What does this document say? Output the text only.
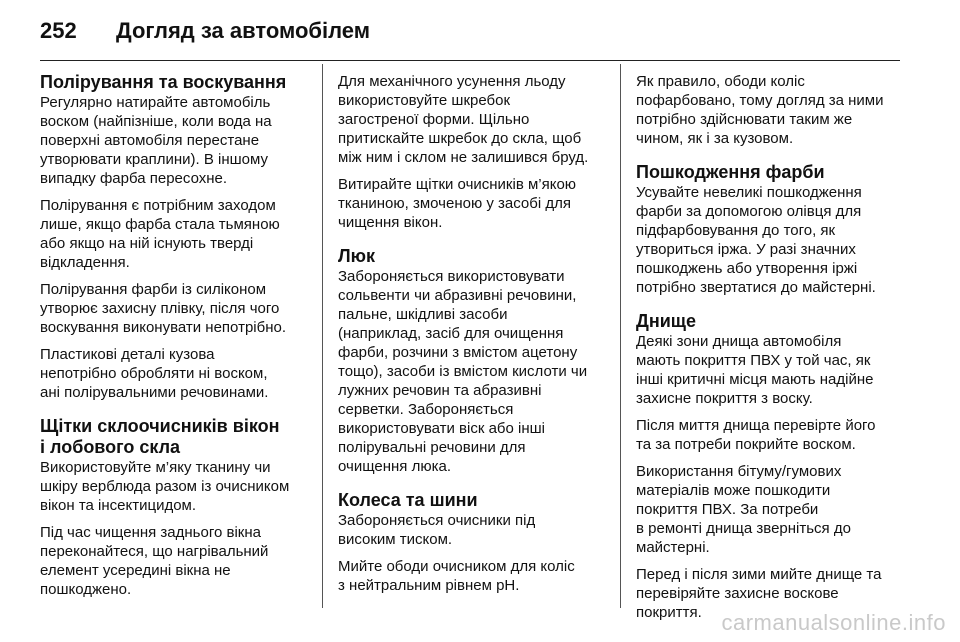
252	Догляд за автомобілем
Полірування та воскування

Регулярно натирайте автомобіль
воском (найпізніше, коли вода на
поверхні автомобіля перестане
утворювати краплини). В іншому
випадку фарба пересохне.

Полірування є потрібним заходом
лише, якщо фарба стала тьмяною
або якщо на ній існують тверді
відкладення.

Полірування фарби із силіконом
утворює захисну плівку, після чого
воскування виконувати непотрібно.

Пластикові деталі кузова
непотрібно обробляти ні воском,
ані полірувальними речовинами.

Щітки склоочисників вікон
і лобового скла

Використовуйте м’яку тканину чи
шкіру верблюда разом із очисником
вікон та інсектицидом.

Під час чищення заднього вікна
переконайтеся, що нагрівальний
елемент усередині вікна не
пошкоджено.

Для механічного усунення льоду
використовуйте шкребок
загостреної форми. Щільно
притискайте шкребок до скла, щоб
між ним і склом не залишився бруд.

Витирайте щітки очисників м’якою
тканиною, змоченою у засобі для
чищення вікон.

Люк

Забороняється використовувати
сольвенти чи абразивні речовини,
пальне, шкідливі засоби
(наприклад, засіб для очищення
фарби, розчини з вмістом ацетону
тощо), засоби із вмістом кислоти чи
лужних речовин та абразивні
серветки. Забороняється
використовувати віск або інші
полірувальні речовини для
очищення люка.

Колеса та шини

Забороняється очисники під
високим тиском.

Мийте ободи очисником для коліс
з нейтральним рівнем pH.

Як правило, ободи коліс
пофарбовано, тому догляд за ними
потрібно здійснювати таким же
чином, як і за кузовом.

Пошкодження фарби

Усувайте невеликі пошкодження
фарби за допомогою олівця для
підфарбовування до того, як
утвориться іржа. У разі значних
пошкоджень або утворення іржі
потрібно звертатися до майстерні.

Днище

Деякі зони днища автомобіля
мають покриття ПВХ у той час, як
інші критичні місця мають надійне
захисне покриття з воску.

Після миття днища перевірте його
та за потреби покрийте воском.

Використання бітуму/гумових
матеріалів може пошкодити
покриття ПВХ. За потреби
в ремонті днища зверніться до
майстерні.

Перед і після зими мийте днище та
перевіряйте захисне воскове
покриття. carmanualsonline.info
